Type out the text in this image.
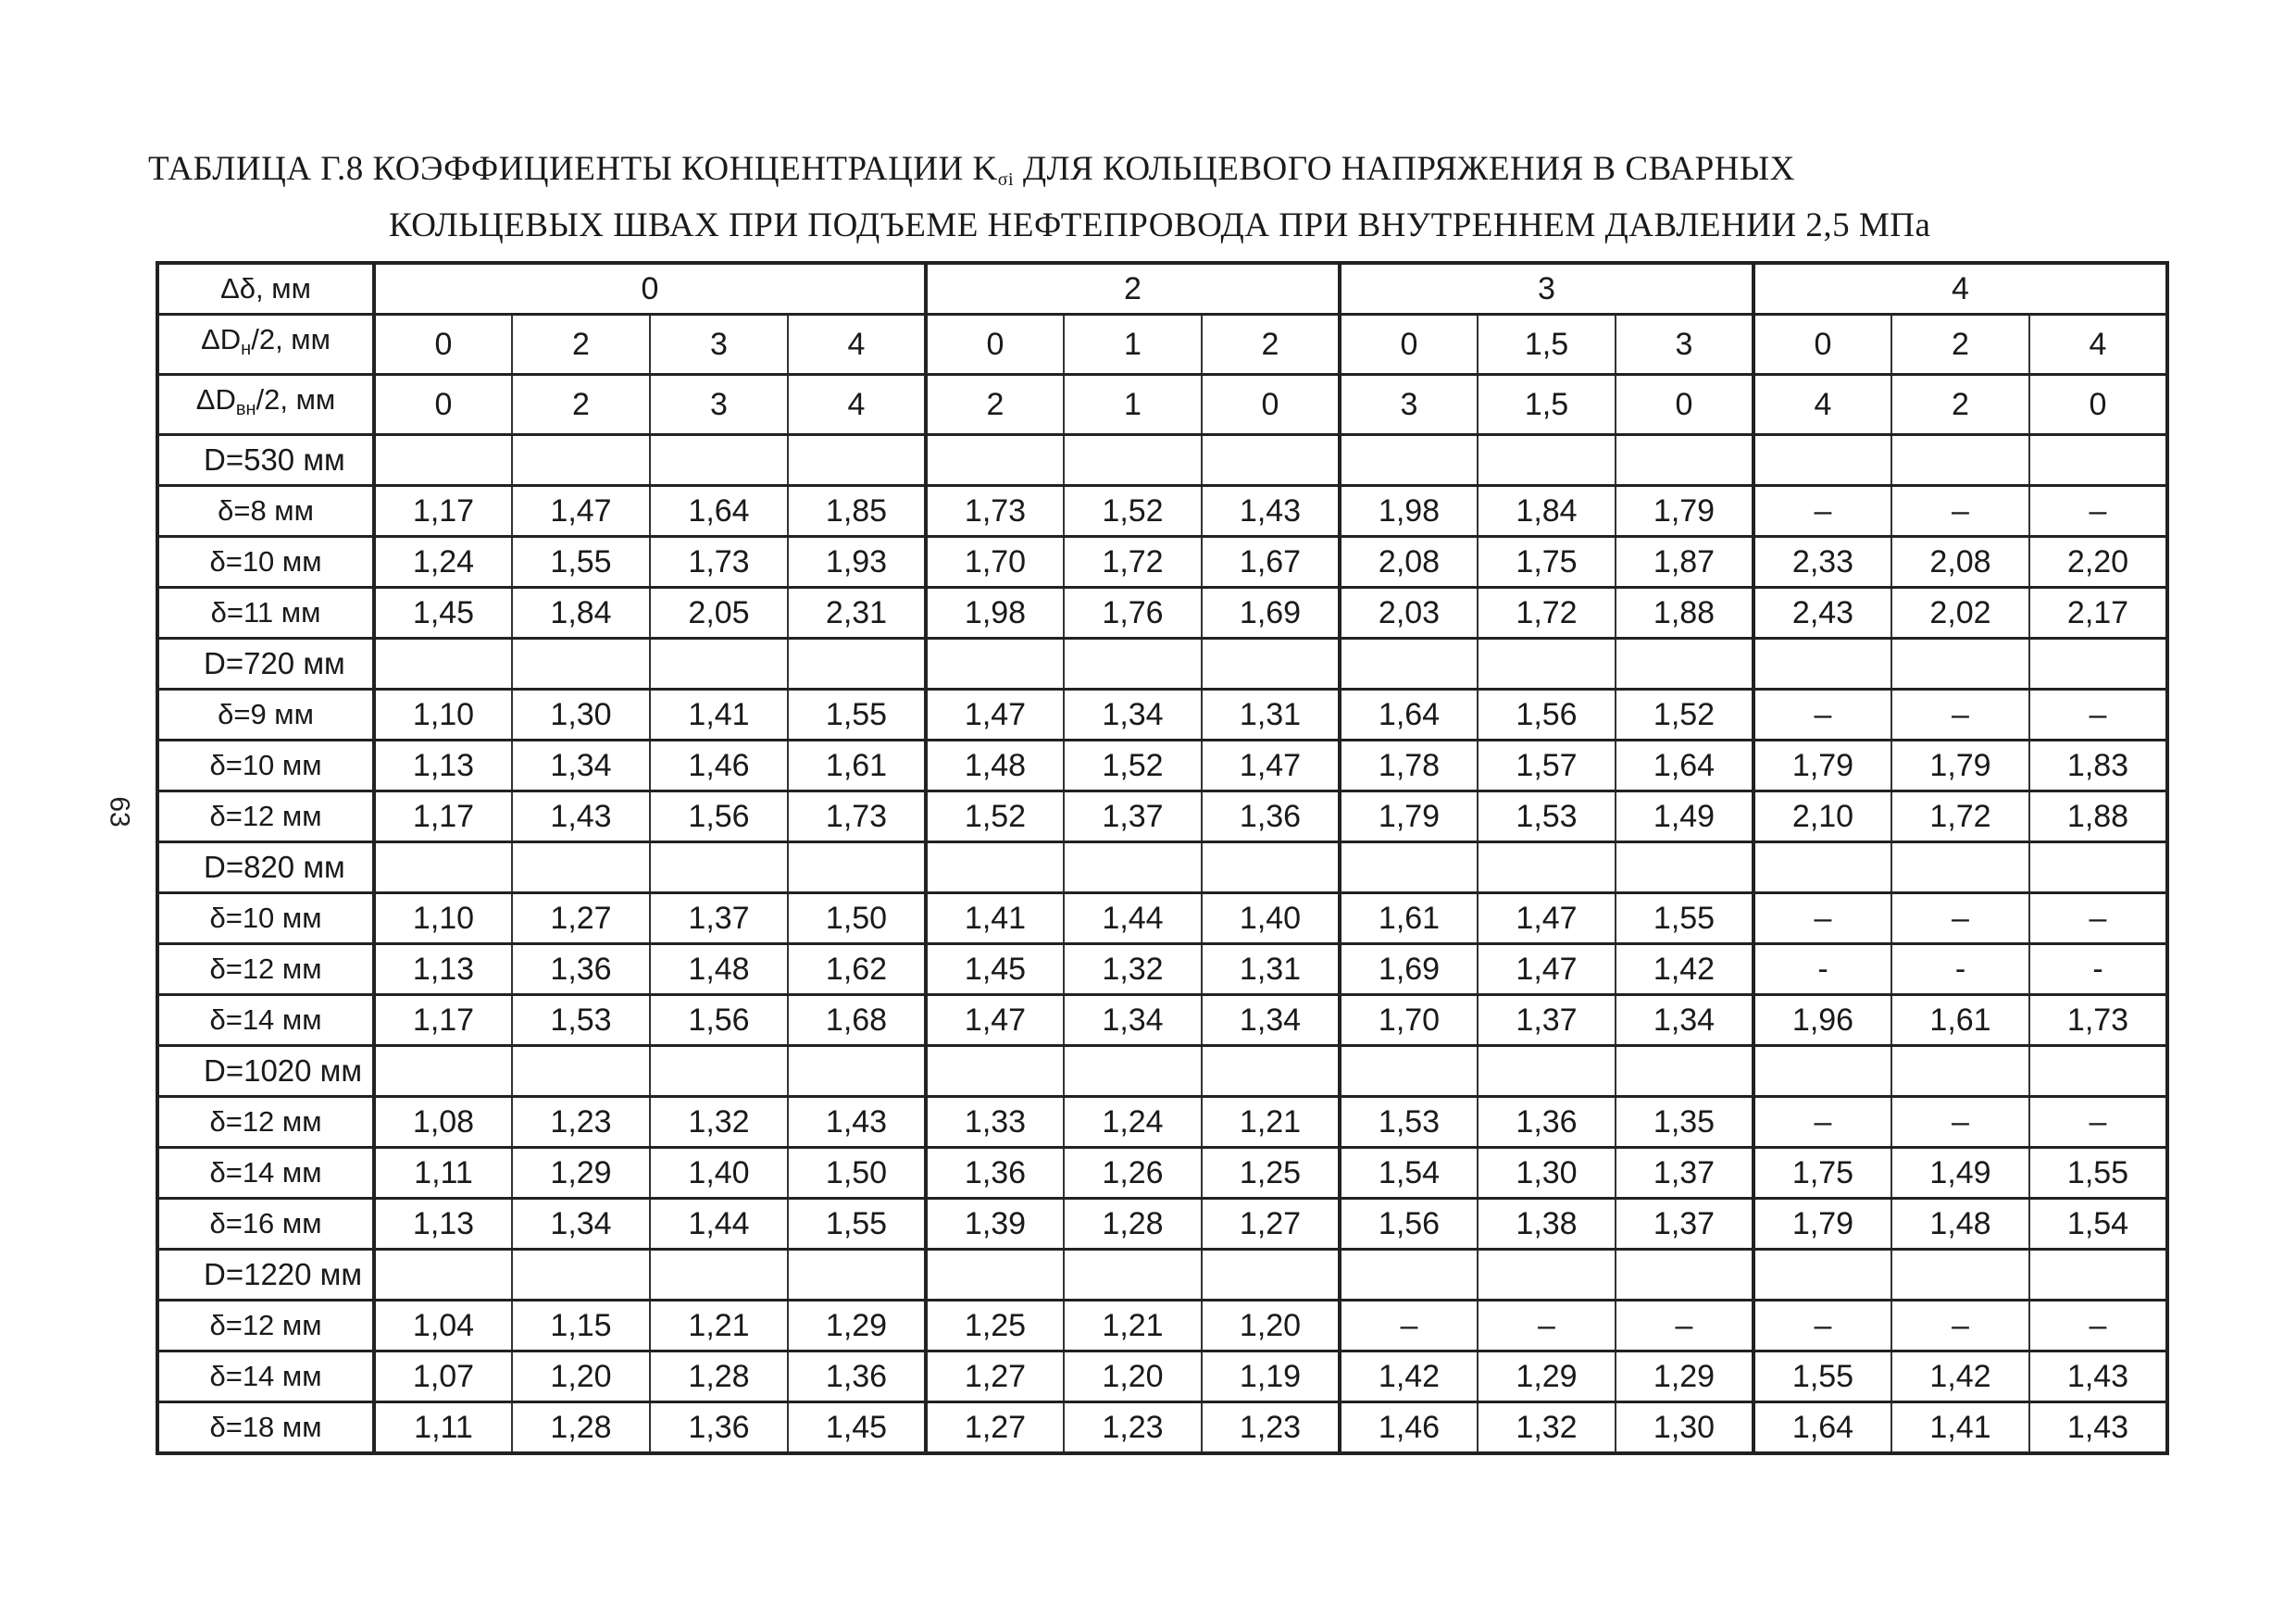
ТАБЛИЦА Г.8 КОЭФФИЦИЕНТЫ КОНЦЕНТРАЦИИ $K_{\sigma i}$ ДЛЯ КОЛЬЦЕВОГО НАПРЯЖЕНИЯ В СВАРНЫХ
КОЛЬЦЕВЫХ ШВАХ ПРИ ПОДЪЕМЕ НЕФТЕПРОВОДА ПРИ ВНУТРЕННЕМ ДАВЛЕНИИ 2,5 МПа
63
Δδ, мм	0				2			3			4		
$\Delta D_н/2$, мм	0	2	3	4	0	1	2	0	1,5	3	0	2	4
$\Delta D_{вн}/2$, мм	0	2	3	4	2	1	0	3	1,5	0	4	2	0
D=530 мм													
δ=8 мм	1,17	1,47	1,64	1,85	1,73	1,52	1,43	1,98	1,84	1,79	–	–	–
δ=10 мм	1,24	1,55	1,73	1,93	1,70	1,72	1,67	2,08	1,75	1,87	2,33	2,08	2,20
δ=11 мм	1,45	1,84	2,05	2,31	1,98	1,76	1,69	2,03	1,72	1,88	2,43	2,02	2,17
D=720 мм													
δ=9 мм	1,10	1,30	1,41	1,55	1,47	1,34	1,31	1,64	1,56	1,52	–	–	–
δ=10 мм	1,13	1,34	1,46	1,61	1,48	1,52	1,47	1,78	1,57	1,64	1,79	1,79	1,83
δ=12 мм	1,17	1,43	1,56	1,73	1,52	1,37	1,36	1,79	1,53	1,49	2,10	1,72	1,88
D=820 мм													
δ=10 мм	1,10	1,27	1,37	1,50	1,41	1,44	1,40	1,61	1,47	1,55	–	–	–
δ=12 мм	1,13	1,36	1,48	1,62	1,45	1,32	1,31	1,69	1,47	1,42	-	-	-
δ=14 мм	1,17	1,53	1,56	1,68	1,47	1,34	1,34	1,70	1,37	1,34	1,96	1,61	1,73
D=1020 мм													
δ=12 мм	1,08	1,23	1,32	1,43	1,33	1,24	1,21	1,53	1,36	1,35	–	–	–
δ=14 мм	1,11	1,29	1,40	1,50	1,36	1,26	1,25	1,54	1,30	1,37	1,75	1,49	1,55
δ=16 мм	1,13	1,34	1,44	1,55	1,39	1,28	1,27	1,56	1,38	1,37	1,79	1,48	1,54
D=1220 мм													
δ=12 мм	1,04	1,15	1,21	1,29	1,25	1,21	1,20	–	–	–	–	–	–
δ=14 мм	1,07	1,20	1,28	1,36	1,27	1,20	1,19	1,42	1,29	1,29	1,55	1,42	1,43
δ=18 мм	1,11	1,28	1,36	1,45	1,27	1,23	1,23	1,46	1,32	1,30	1,64	1,41	1,43
